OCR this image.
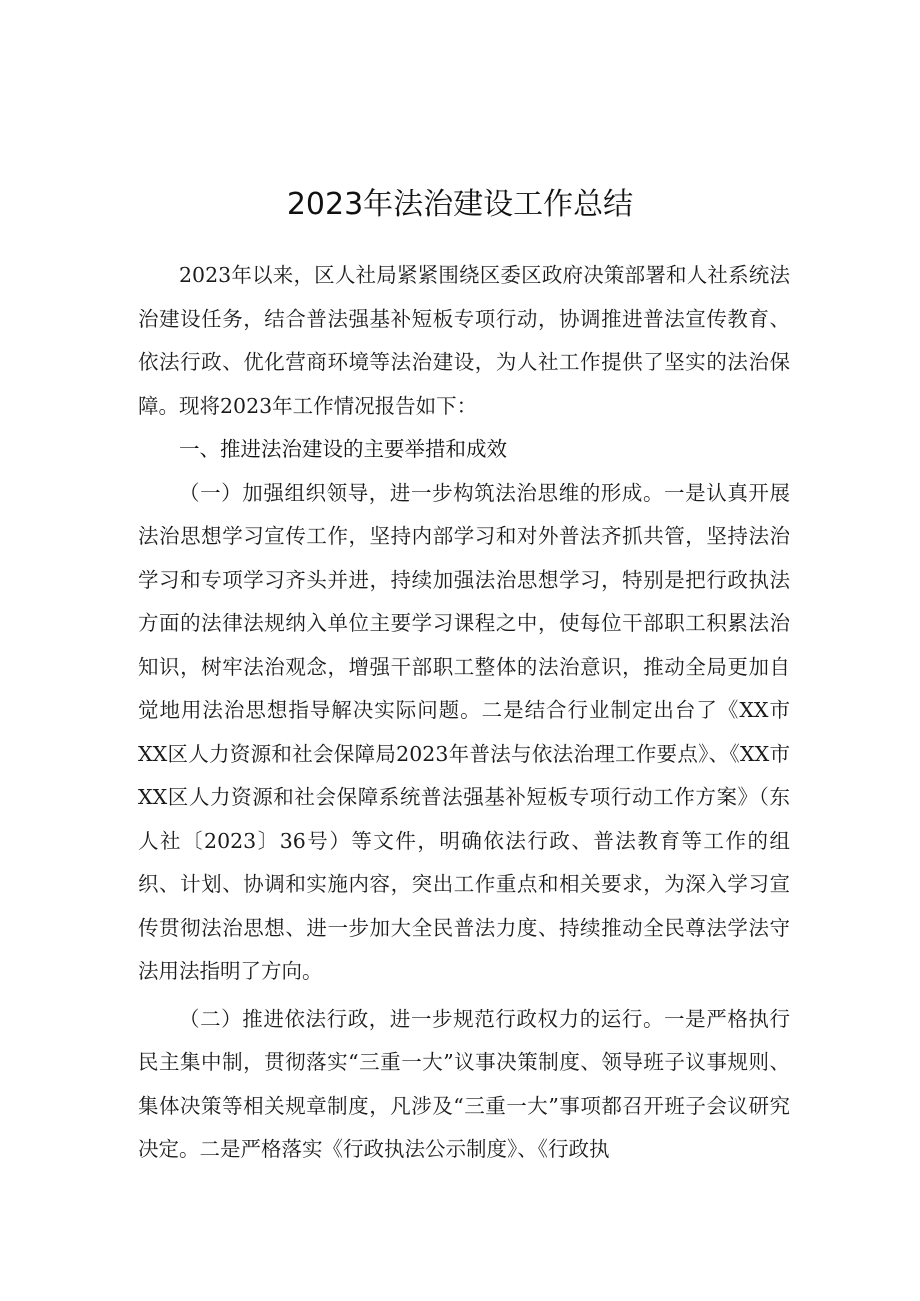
2023年法治建设工作总结

2023年以来，区人社局紧紧围绕区委区政府决策部署和人社系统法治建设任务，结合普法强基补短板专项行动，协调推进普法宣传教育、依法行政、优化营商环境等法治建设，为人社工作提供了坚实的法治保障。现将2023年工作情况报告如下：

一、推进法治建设的主要举措和成效

（一）加强组织领导，进一步构筑法治思维的形成。一是认真开展法治思想学习宣传工作，坚持内部学习和对外普法齐抓共管，坚持法治学习和专项学习齐头并进，持续加强法治思想学习，特别是把行政执法方面的法律法规纳入单位主要学习课程之中，使每位干部职工积累法治知识，树牢法治观念，增强干部职工整体的法治意识，推动全局更加自觉地用法治思想指导解决实际问题。二是结合行业制定出台了《XX市XX区人力资源和社会保障局2023年普法与依法治理工作要点》、《XX市XX区人力资源和社会保障系统普法强基补短板专项行动工作方案》（东人社〔2023〕36号）等文件，明确依法行政、普法教育等工作的组织、计划、协调和实施内容，突出工作重点和相关要求，为深入学习宣传贯彻法治思想、进一步加大全民普法力度、持续推动全民尊法学法守法用法指明了方向。

（二）推进依法行政，进一步规范行政权力的运行。一是严格执行民主集中制，贯彻落实“三重一大”议事决策制度、领导班子议事规则、集体决策等相关规章制度，凡涉及“三重一大”事项都召开班子会议研究决定。二是严格落实《行政执法公示制度》、《行政执
